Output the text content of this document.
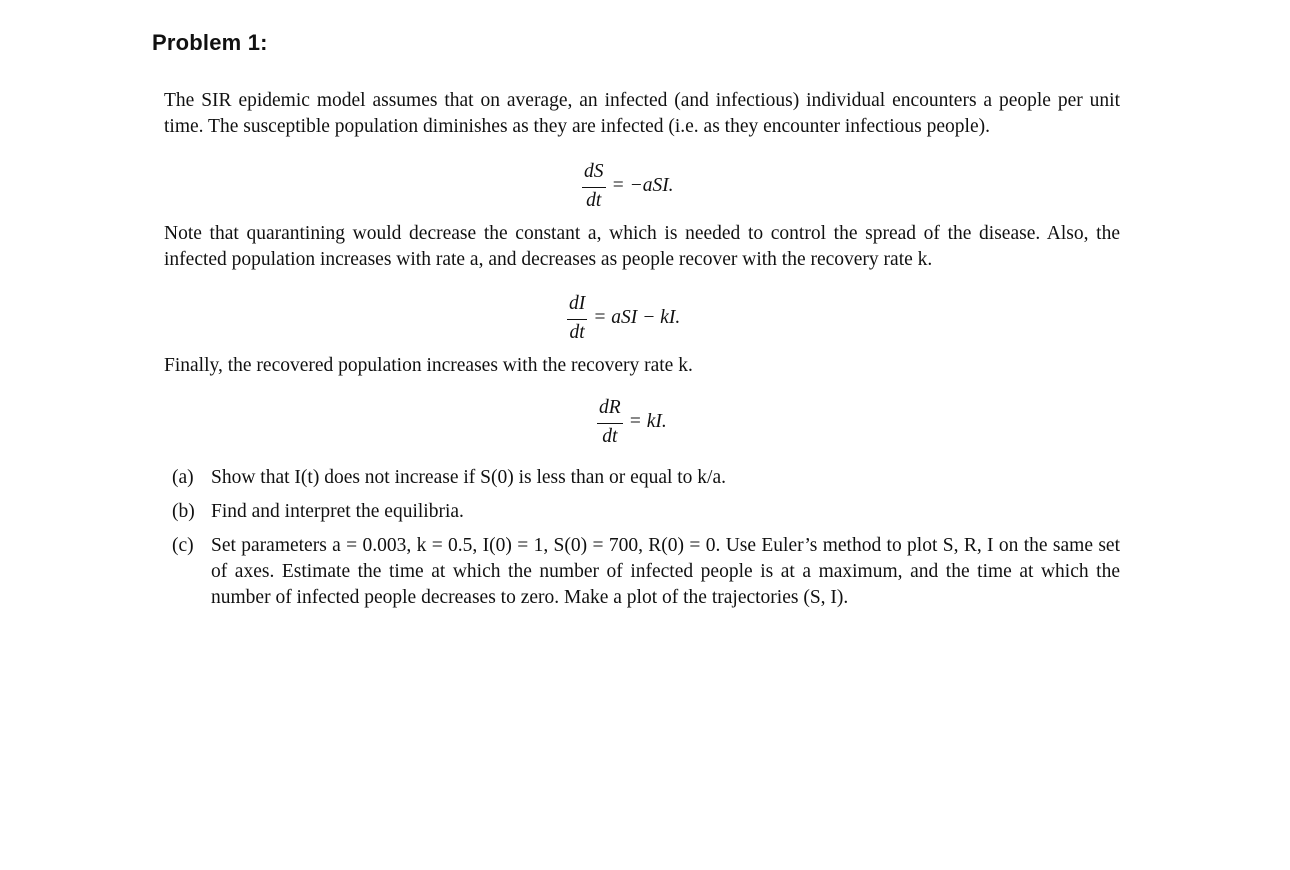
Problem 1:

The SIR epidemic model assumes that on average, an infected (and infectious) individual encounters a people per unit time. The susceptible population diminishes as they are infected (i.e. as they encounter infectious people).

$\frac{dS}{dt} = -aSI$.

Note that quarantining would decrease the constant a, which is needed to control the spread of the disease. Also, the infected population increases with rate a, and decreases as people recover with the recovery rate k.

$\frac{dI}{dt}$ = aSI − kI.

Finally, the recovered population increases with the recovery rate k.

$\frac{dR}{dt}$ = kI.
(a) Show that I(t) does not increase if S(0) is less than or equal to k/a.
(b) Find and interpret the equilibria.
(c) Set parameters a = 0.003, k = 0.5, I(0) = 1, S(0) = 700, R(0) = 0. Use Euler’s method to plot S, R, I on the same set of axes. Estimate the time at which the number of infected people is at a maximum, and the time at which the number of infected people decreases to zero. Make a plot of the trajectories (S, I).
